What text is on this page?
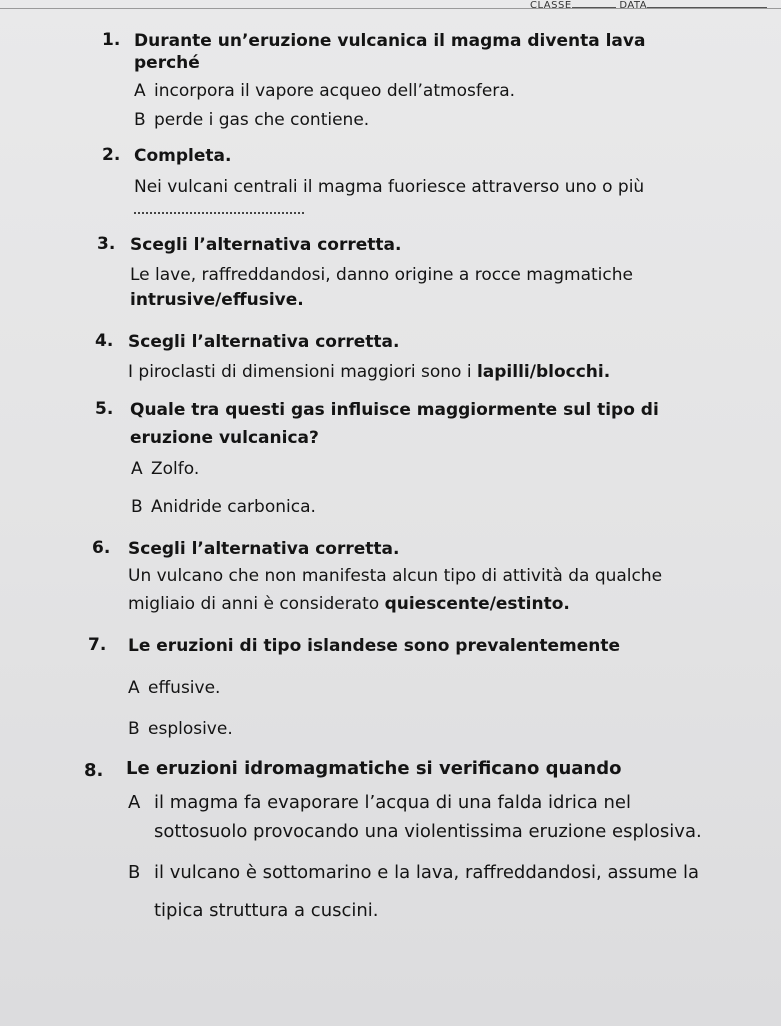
CLASSE	DATA
1. Durante un’eruzione vulcanica il magma diventa lava
perché
A incorpora il vapore acqueo dell’atmosfera.
B perde i gas che contiene.
2. Completa.
Nei vulcani centrali il magma fuoriesce attraverso uno o più
3. Scegli l’alternativa corretta.
Le lave, raffreddandosi, danno origine a rocce magmatiche
intrusive/effusive.
4. Scegli l’alternativa corretta.
I piroclasti di dimensioni maggiori sono i lapilli/blocchi.
5. Quale tra questi gas influisce maggiormente sul tipo di
eruzione vulcanica?
A Zolfo.
B Anidride carbonica.
6. Scegli l’alternativa corretta.
Un vulcano che non manifesta alcun tipo di attività da qualche
migliaio di anni è considerato quiescente/estinto.
7. Le eruzioni di tipo islandese sono prevalentemente
A effusive.
B esplosive.
8. Le eruzioni idromagmatiche si verificano quando
A il magma fa evaporare l’acqua di una falda idrica nel
sottosuolo provocando una violentissima eruzione esplosiva.
B il vulcano è sottomarino e la lava, raffreddandosi, assume la
tipica struttura a cuscini.
